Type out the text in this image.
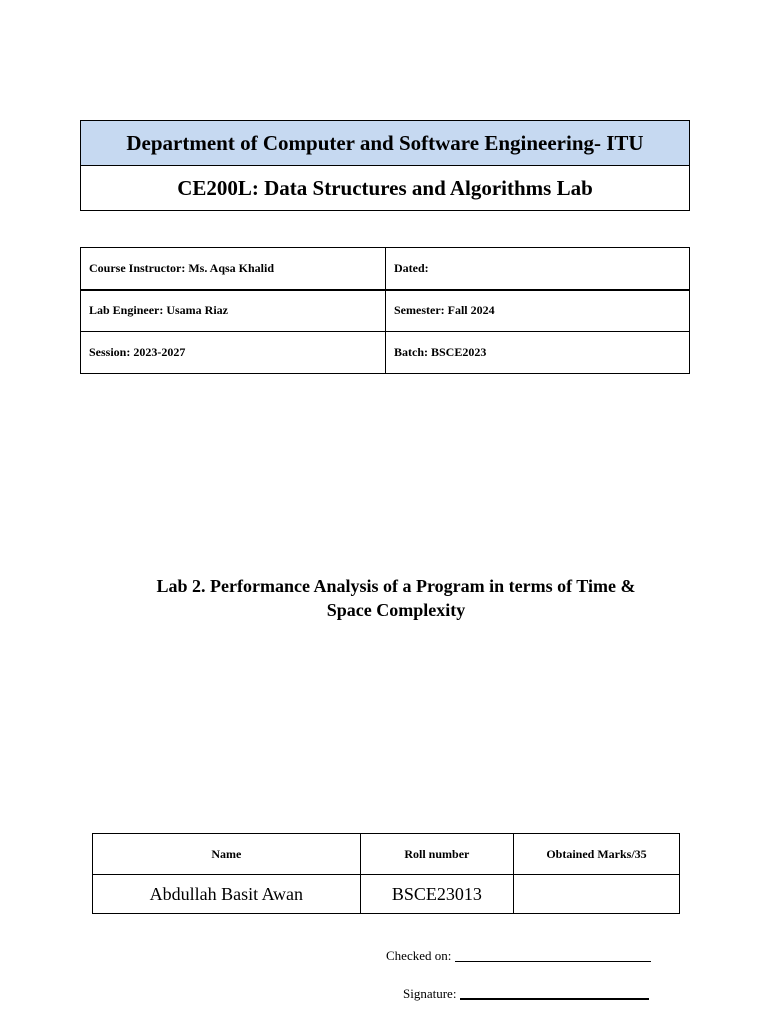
Department of Computer and Software Engineering- ITU
CE200L: Data Structures and Algorithms Lab
Course Instructor: Ms. Aqsa Khalid	Dated:
Lab Engineer: Usama Riaz	Semester: Fall 2024
Session: 2023-2027	Batch: BSCE2023
Lab 2. Performance Analysis of a Program in terms of Time &
Space Complexity
Name	Roll number	Obtained Marks/35
Abdullah Basit Awan	BSCE23013	
Checked on:
Signature:
